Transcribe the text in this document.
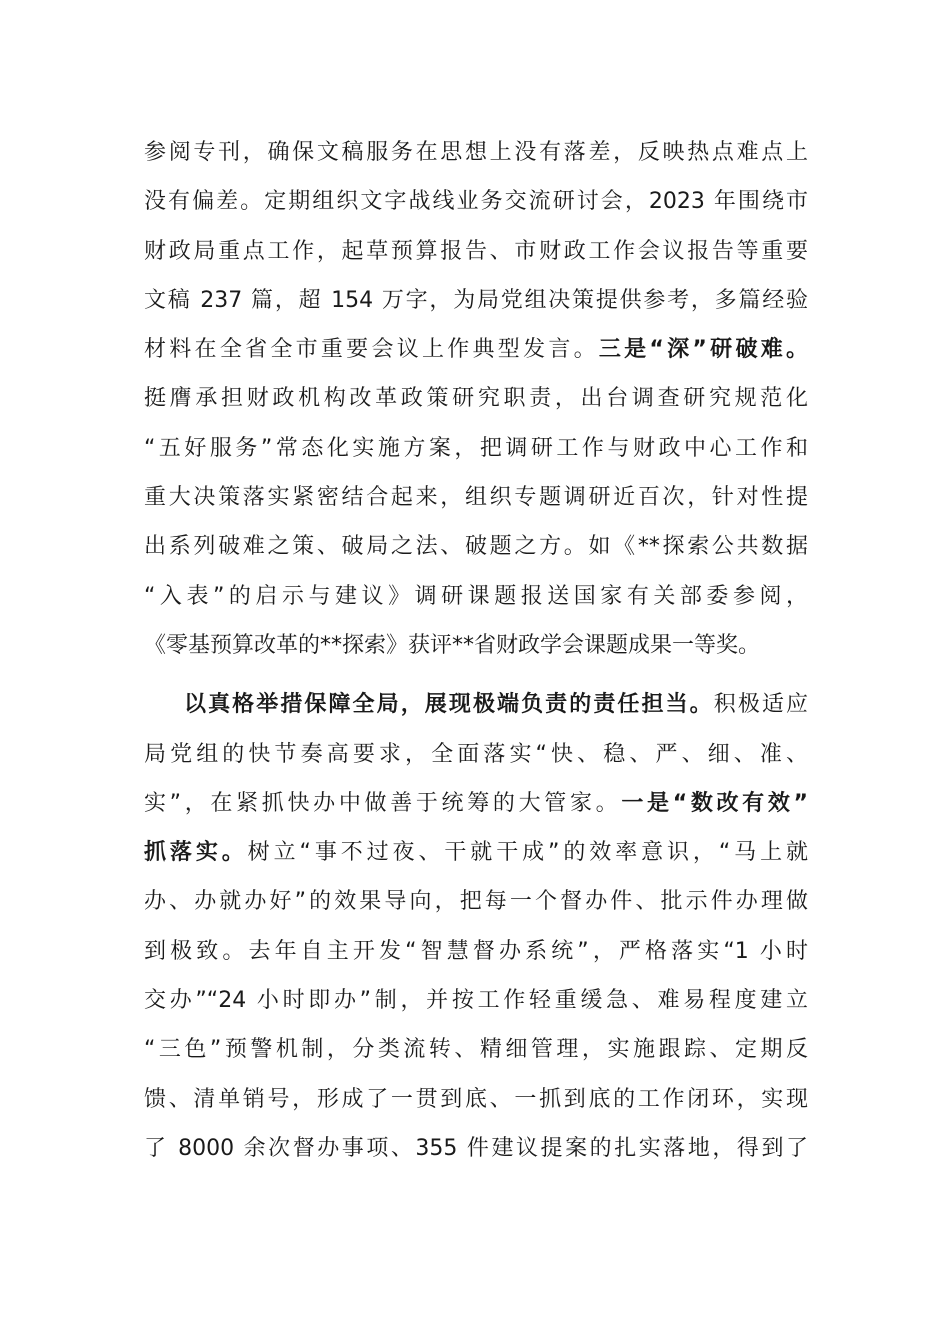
参阅专刊，确保文稿服务在思想上没有落差，反映热点难点上
没有偏差。定期组织文字战线业务交流研讨会，2023 年围绕市
财政局重点工作，起草预算报告、市财政工作会议报告等重要
文稿 237 篇，超 154 万字，为局党组决策提供参考，多篇经验
材料在全省全市重要会议上作典型发言。三是“深”研破难。
挺膺承担财政机构改革政策研究职责，出台调查研究规范化
“五好服务”常态化实施方案，把调研工作与财政中心工作和
重大决策落实紧密结合起来，组织专题调研近百次，针对性提
出系列破难之策、破局之法、破题之方。如《**探索公共数据
“入表”的启示与建议》调研课题报送国家有关部委参阅，
《零基预算改革的**探索》获评**省财政学会课题成果一等奖。
以真格举措保障全局，展现极端负责的责任担当。积极适应
局党组的快节奏高要求，全面落实“快、稳、严、细、准、
实”，在紧抓快办中做善于统筹的大管家。一是“数改有效”
抓落实。树立“事不过夜、干就干成”的效率意识，“马上就
办、办就办好”的效果导向，把每一个督办件、批示件办理做
到极致。去年自主开发“智慧督办系统”，严格落实“1 小时
交办”“24 小时即办”制，并按工作轻重缓急、难易程度建立
“三色”预警机制，分类流转、精细管理，实施跟踪、定期反
馈、清单销号，形成了一贯到底、一抓到底的工作闭环，实现
了 8000 余次督办事项、355 件建议提案的扎实落地，得到了
